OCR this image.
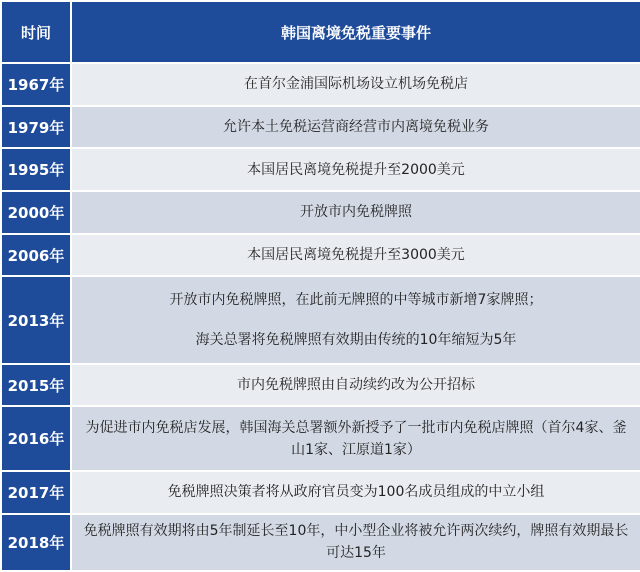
时间	韩国离境免税重要事件
1967年	在首尔金浦国际机场设立机场免税店

1979年	允许本土免税运营商经营市内离境免税业务

1995年	本国居民离境免税提升至2000美元

2000年	开放市内免税牌照

2006年	本国居民离境免税提升至3000美元

2013年	开放市内免税牌照，在此前无牌照的中等城市新增7家牌照；
海关总署将免税牌照有效期由传统的10年缩短为5年

2015年	市内免税牌照由自动续约改为公开招标

2016年	为促进市内免税店发展，韩国海关总署额外新授予了一批市内免税店牌照（首尔4家、釜山1家、江原道1家）

2017年	免税牌照决策者将从政府官员变为100名成员组成的中立小组

2018年	免税牌照有效期将由5年制延长至10年，中小型企业将被允许两次续约，牌照有效期最长可达15年
